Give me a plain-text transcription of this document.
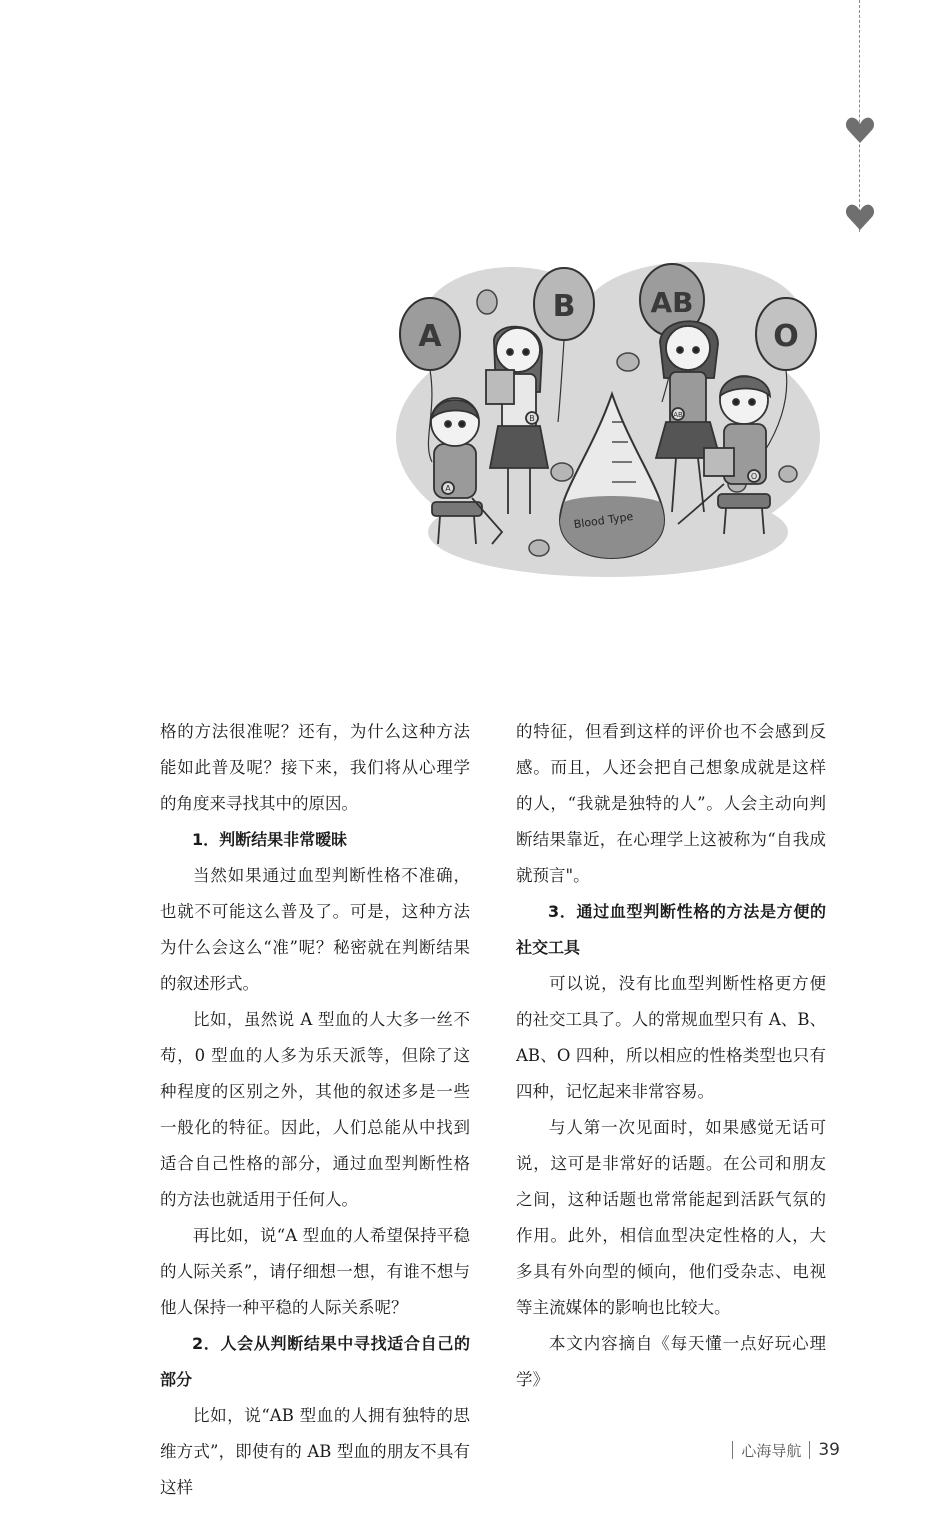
A
B	AB
O
Blood Type
A
B	AB
O

格的方法很准呢？还有，为什么这种方法能如此普及呢？接下来，我们将从心理学的角度来寻找其中的原因。

1．判断结果非常暧昧

当然如果通过血型判断性格不准确，也就不可能这么普及了。可是，这种方法为什么会这么“准”呢？秘密就在判断结果的叙述形式。

比如，虽然说 A 型血的人大多一丝不苟，0 型血的人多为乐天派等，但除了这种程度的区别之外，其他的叙述多是一些一般化的特征。因此，人们总能从中找到适合自己性格的部分，通过血型判断性格的方法也就适用于任何人。

再比如，说“A 型血的人希望保持平稳的人际关系”，请仔细想一想，有谁不想与他人保持一种平稳的人际关系呢？

2．人会从判断结果中寻找适合自己的部分

比如，说“AB 型血的人拥有独特的思维方式”，即使有的 AB 型血的朋友不具有这样

的特征，但看到这样的评价也不会感到反感。而且，人还会把自己想象成就是这样的人，“我就是独特的人”。人会主动向判断结果靠近，在心理学上这被称为“自我成就预言"。

3．通过血型判断性格的方法是方便的社交工具

可以说，没有比血型判断性格更方便的社交工具了。人的常规血型只有 A、B、AB、O 四种，所以相应的性格类型也只有四种，记忆起来非常容易。

与人第一次见面时，如果感觉无话可说，这可是非常好的话题。在公司和朋友之间，这种话题也常常能起到活跃气氛的作用。此外，相信血型决定性格的人，大多具有外向型的倾向，他们受杂志、电视等主流媒体的影响也比较大。

本文内容摘自《每天懂一点好玩心理学》

心海导航 39
